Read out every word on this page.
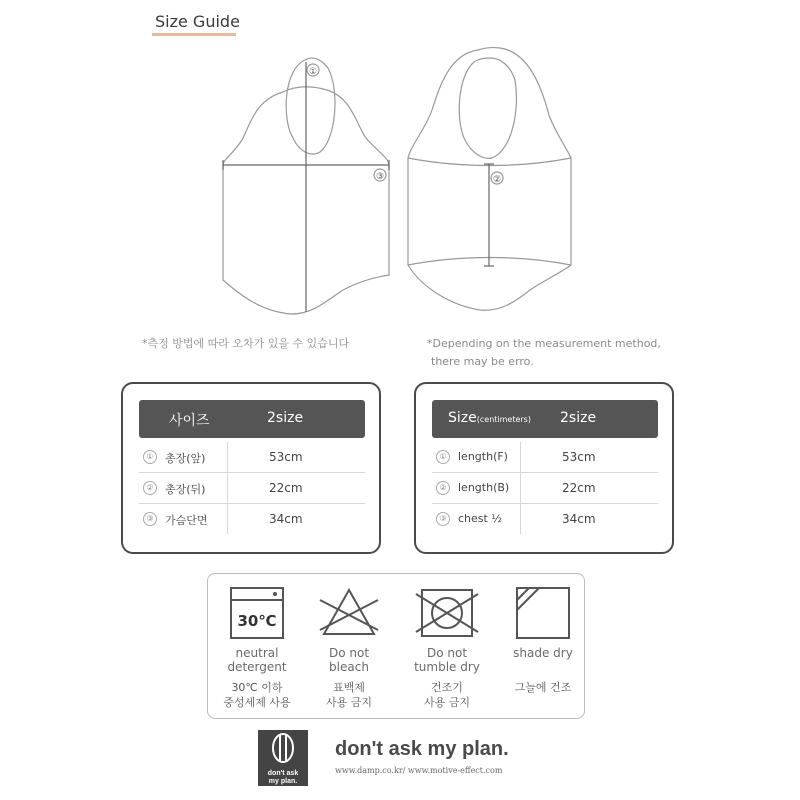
Size Guide
①
③	②
*측정 방법에 따라 오차가 있을 수 있습니다	*Depending on the measurement method,
there may be erro.
사이즈	2size
①	총장(앞)	53cm
②	총장(뒤)	22cm
③	가슴단면	34cm
Size(centimeters) 2size
①	length(F)	53cm
②	length(B)	22cm
③	chest ½	34cm
30℃
neutral
detergent
30℃ 이하
중성세제 사용
Do not
bleach
표백제
사용 금지
Do not
tumble dry
건조기
사용 금지
shade dry
그늘에 건조
don't ask
my plan.
don't ask my plan.
www.damp.co.kr/ www.motive-effect.com
